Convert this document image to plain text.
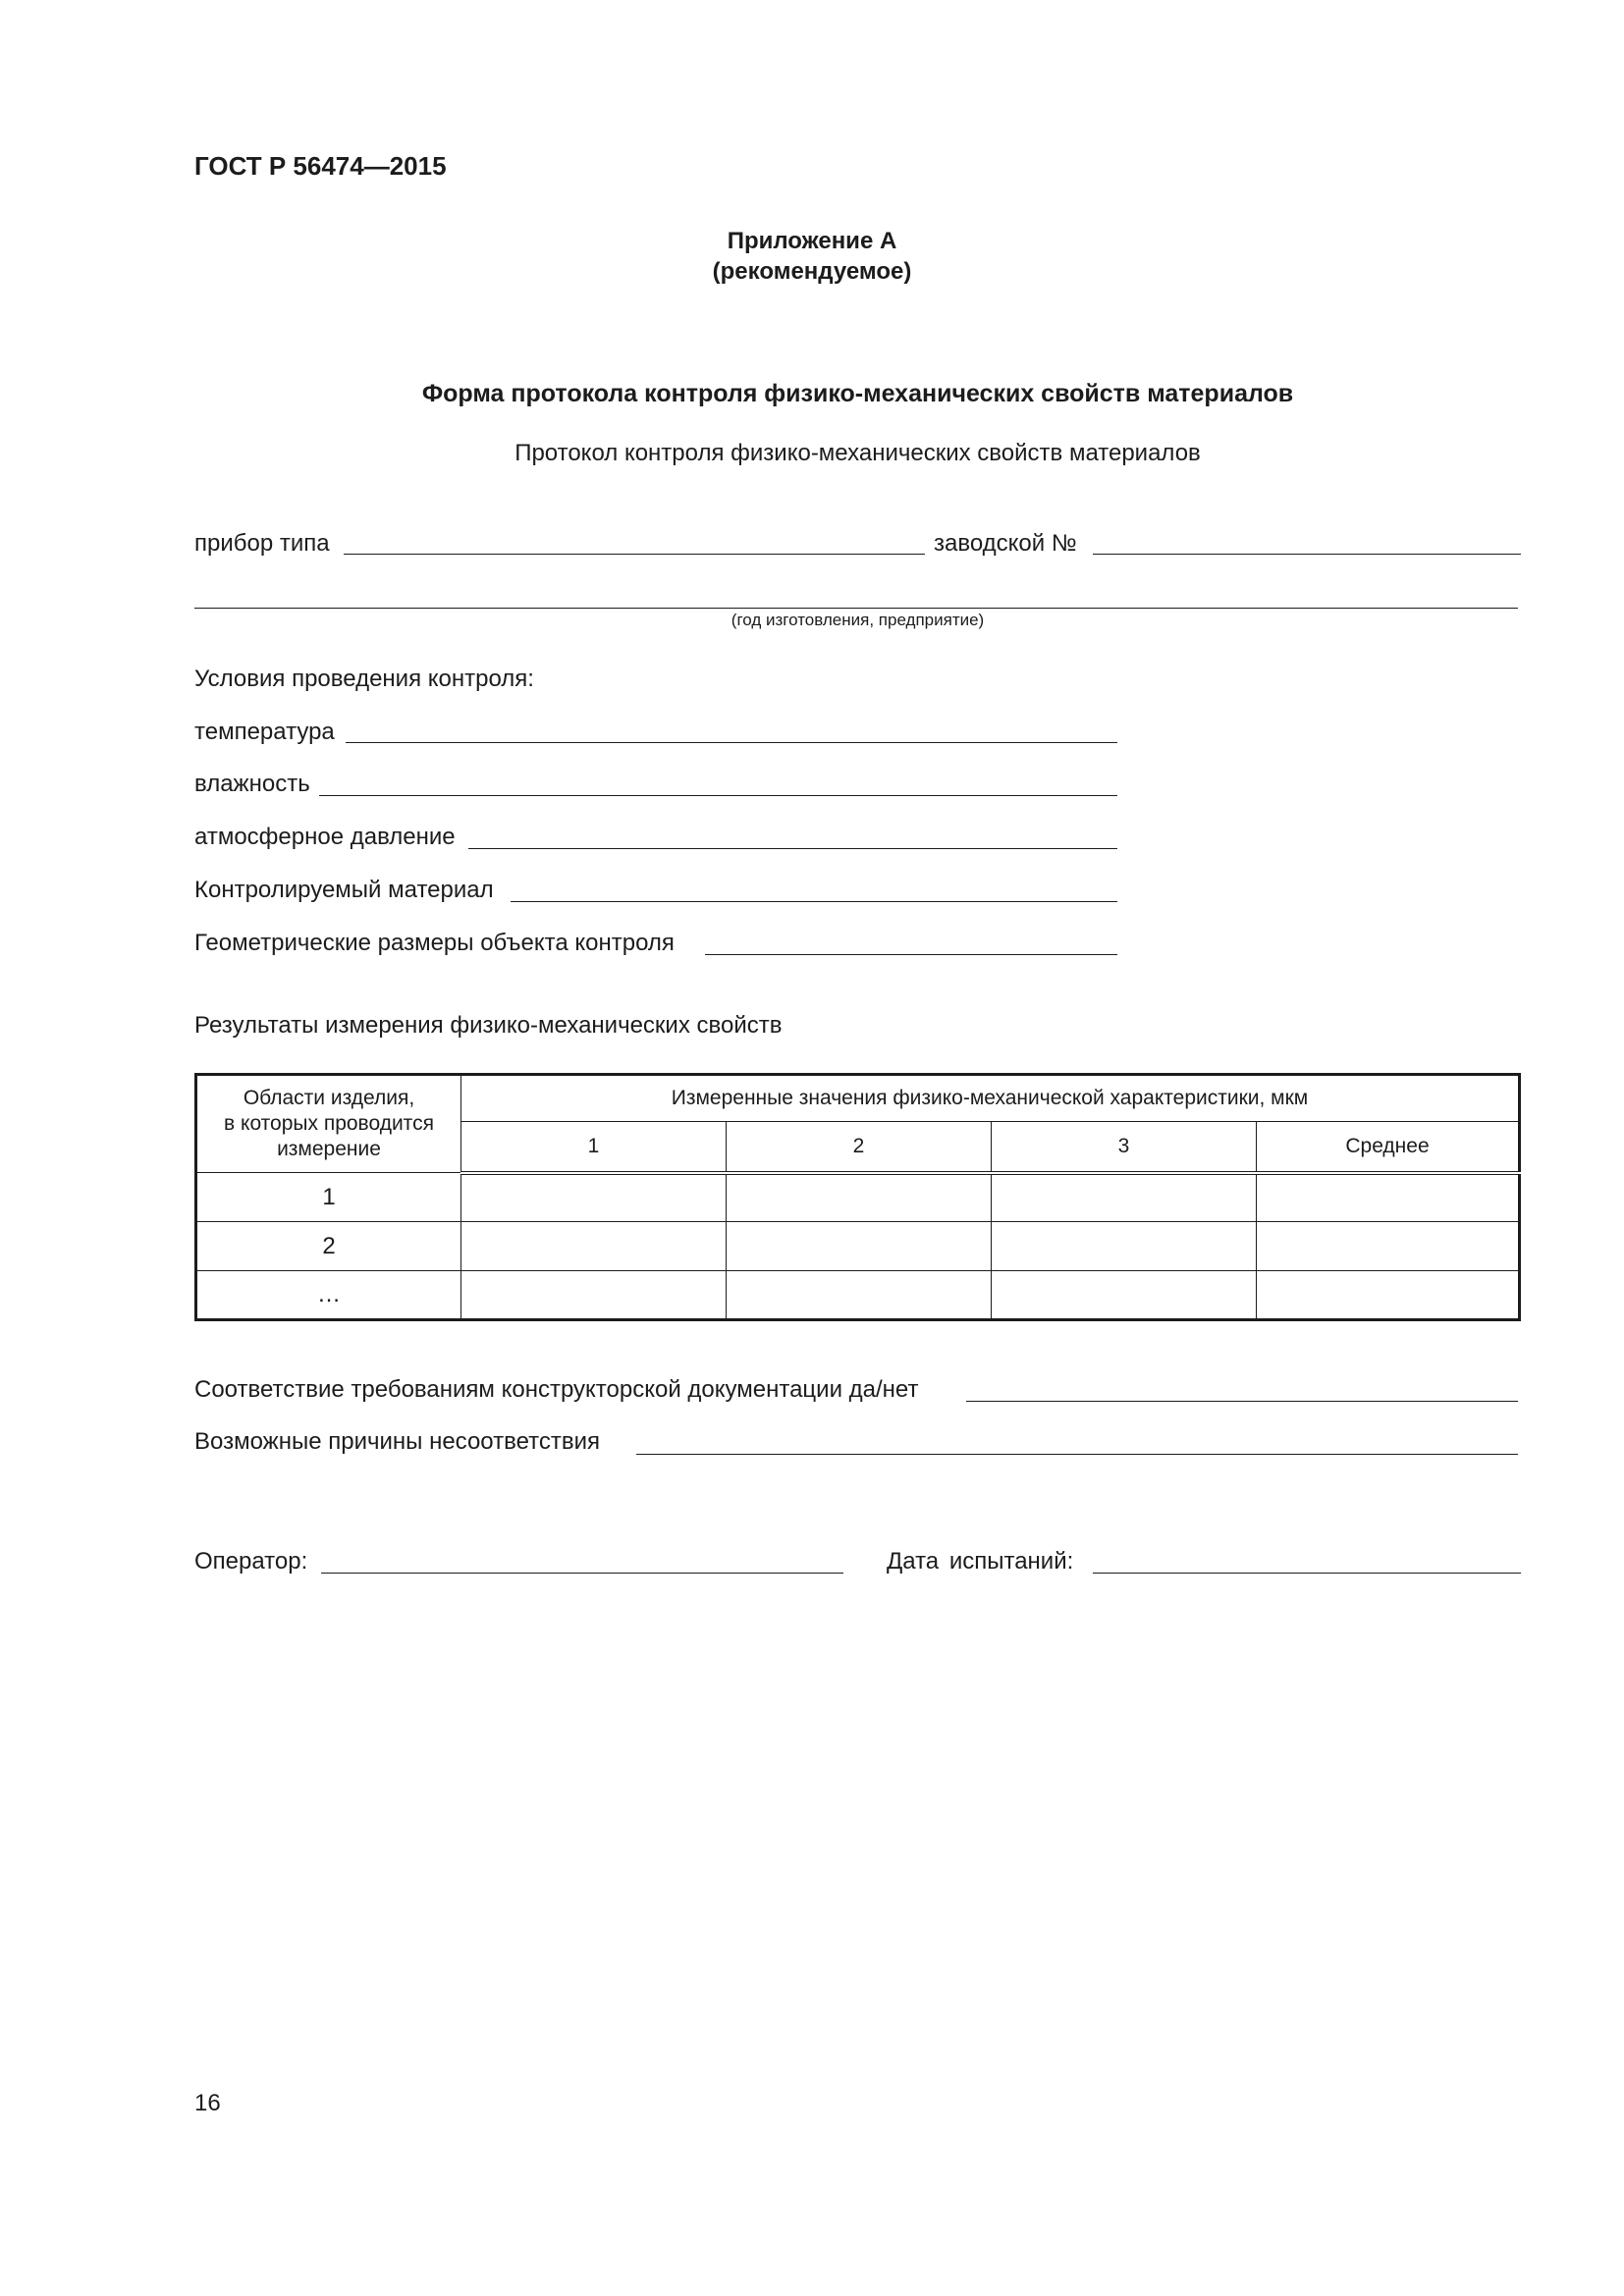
ГОСТ Р 56474—2015
Приложение А
(рекомендуемое)
Форма протокола контроля физико-механических свойств материалов
Протокол контроля физико-механических свойств материалов
прибор типа	заводской №
(год изготовления, предприятие)
Условия проведения контроля:
температура
влажность
атмосферное давление
Контролируемый материал
Геометрические размеры объекта контроля
Результаты измерения физико-механических свойств
Области изделия,
в которых проводится
измерение	Измеренные значения физико-механической характеристики, мкм			
	1	2	3	Среднее
1				
2				
…				
Соответствие требованиям конструкторской документации да/нет
Возможные причины несоответствия
Оператор:	Дата испытаний:
16
